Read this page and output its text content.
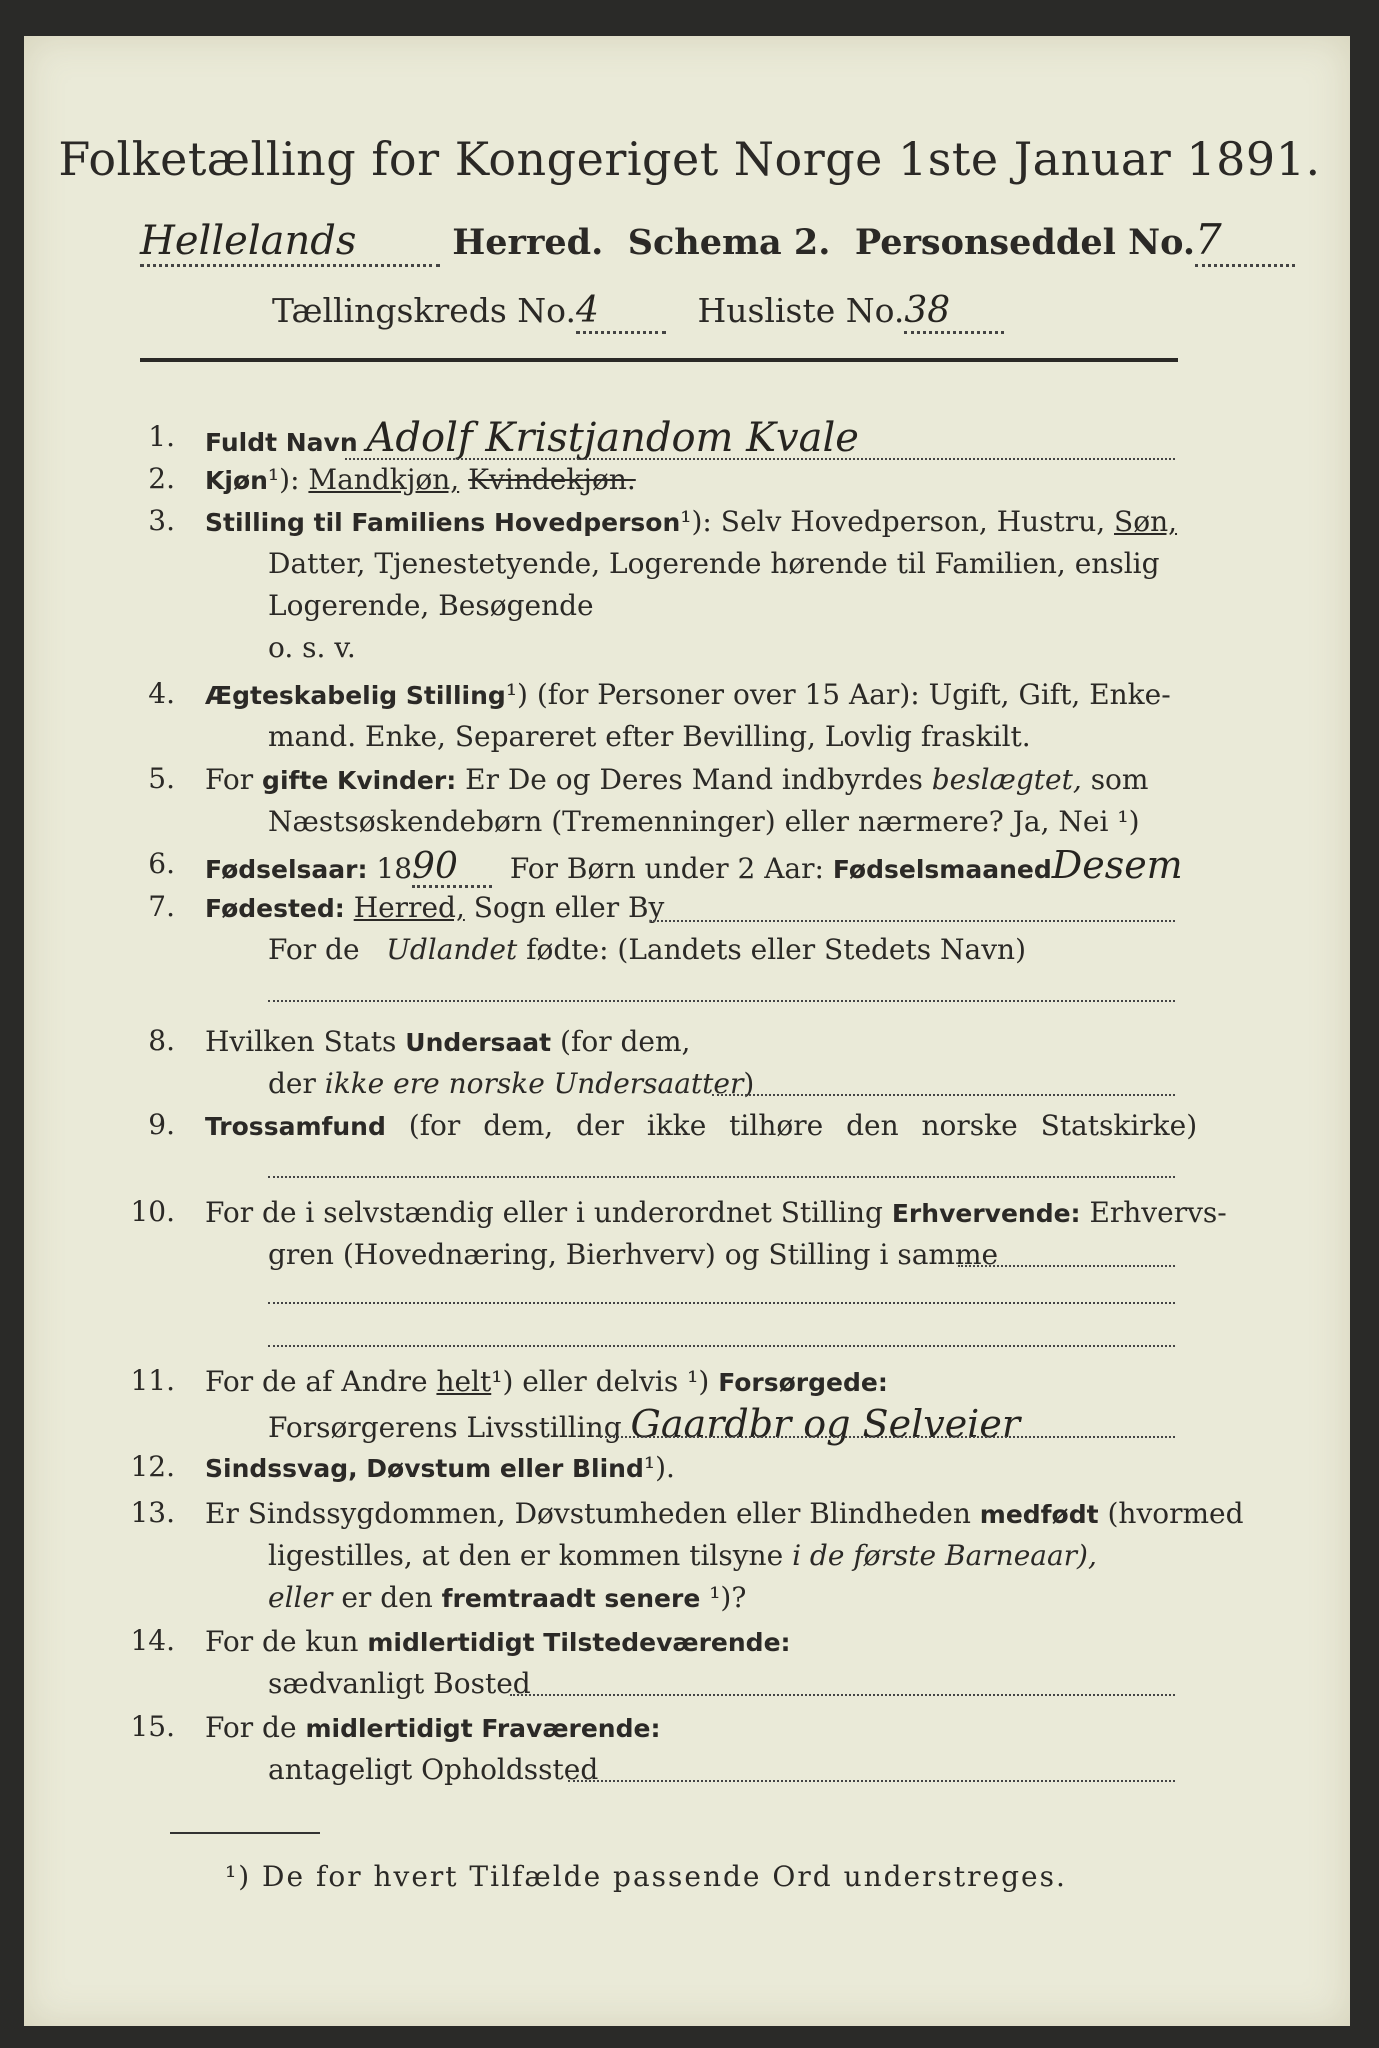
Folketælling for Kongeriget Norge 1ste Januar 1891.
Hellelands	Herred. Schema 2. Personseddel No.7
Tællingskreds No.4	Husliste No.38
1. Fuldt Navn Adolf Kristjandom Kvale
2. Kjøn¹): Mandkjøn, Kvindekjøn.
3. Stilling til Familiens Hovedperson¹): Selv Hovedperson, Hustru, Søn,
Datter, Tjenestetyende, Logerende hørende til Familien, enslig
Logerende, Besøgende
o. s. v.
4. Ægteskabelig Stilling¹) (for Personer over 15 Aar): Ugift, Gift, Enke-
mand. Enke, Separeret efter Bevilling, Lovlig fraskilt.
5. For gifte Kvinder: Er De og Deres Mand indbyrdes beslægtet, som
Næstsøskendebørn (Tremenninger) eller nærmere? Ja, Nei ¹)
6. Fødselsaar: 1890 For Børn under 2 Aar: FødselsmaanedDesem
7. Fødested: Herred, Sogn eller By
For de Udlandet fødte: (Landets eller Stedets Navn)
8. Hvilken Stats Undersaat (for dem,
der ikke ere norske Undersaatter)
9. Trossamfund (for dem, der ikke tilhøre den norske Statskirke)
10. For de i selvstændig eller i underordnet Stilling Erhvervende: Erhvervs-
gren (Hovednæring, Bierhverv) og Stilling i samme
11. For de af Andre helt¹) eller delvis ¹) Forsørgede:
Forsørgerens Livsstilling Gaardbr og Selveier
12. Sindssvag, Døvstum eller Blind¹).
13. Er Sindssygdommen, Døvstumheden eller Blindheden medfødt (hvormed
ligestilles, at den er kommen tilsyne i de første Barneaar),
eller er den fremtraadt senere ¹)?
14. For de kun midlertidigt Tilstedeværende:
sædvanligt Bosted
15. For de midlertidigt Fraværende:
antageligt Opholdssted
¹) De for hvert Tilfælde passende Ord understreges.
